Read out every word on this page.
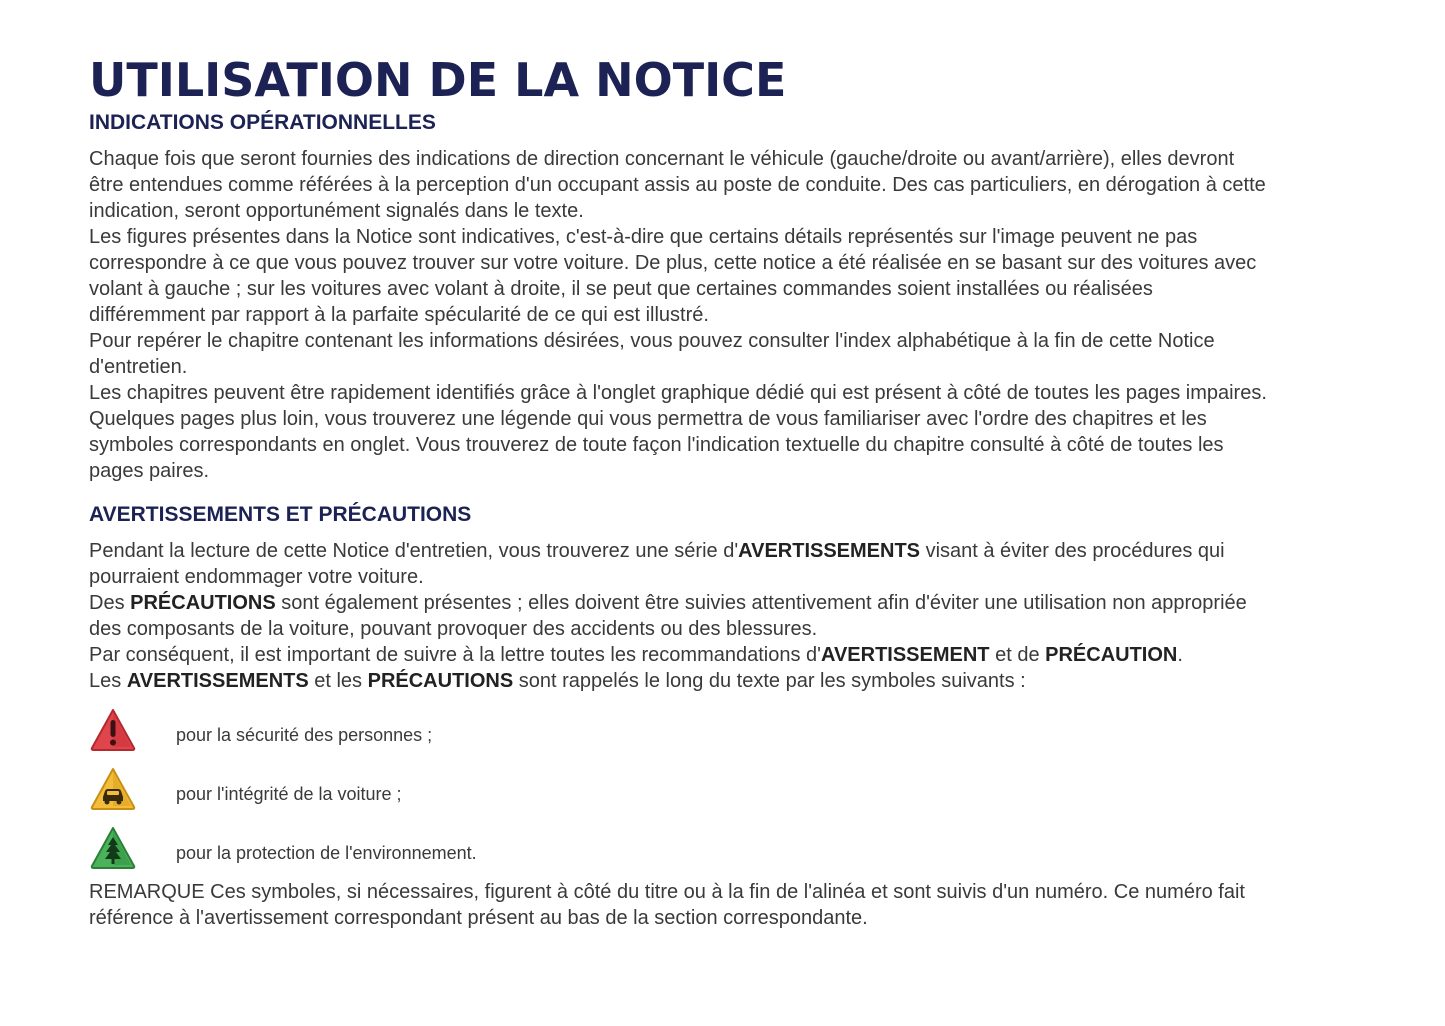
UTILISATION DE LA NOTICE
INDICATIONS OPÉRATIONNELLES

Chaque fois que seront fournies des indications de direction concernant le véhicule (gauche/droite ou avant/arrière), elles devront être entendues comme référées à la perception d'un occupant assis au poste de conduite. Des cas particuliers, en dérogation à cette indication, seront opportunément signalés dans le texte.

Les figures présentes dans la Notice sont indicatives, c'est-à-dire que certains détails représentés sur l'image peuvent ne pas correspondre à ce que vous pouvez trouver sur votre voiture. De plus, cette notice a été réalisée en se basant sur des voitures avec volant à gauche ; sur les voitures avec volant à droite, il se peut que certaines commandes soient installées ou réalisées différemment par rapport à la parfaite spécularité de ce qui est illustré.

Pour repérer le chapitre contenant les informations désirées, vous pouvez consulter l'index alphabétique à la fin de cette Notice d'entretien.

Les chapitres peuvent être rapidement identifiés grâce à l'onglet graphique dédié qui est présent à côté de toutes les pages impaires. Quelques pages plus loin, vous trouverez une légende qui vous permettra de vous familiariser avec l'ordre des chapitres et les symboles correspondants en onglet. Vous trouverez de toute façon l'indication textuelle du chapitre consulté à côté de toutes les pages paires.

AVERTISSEMENTS ET PRÉCAUTIONS

Pendant la lecture de cette Notice d'entretien, vous trouverez une série d'AVERTISSEMENTS visant à éviter des procédures qui pourraient endommager votre voiture.

Des PRÉCAUTIONS sont également présentes ; elles doivent être suivies attentivement afin d'éviter une utilisation non appropriée des composants de la voiture, pouvant provoquer des accidents ou des blessures.

Par conséquent, il est important de suivre à la lettre toutes les recommandations d'AVERTISSEMENT et de PRÉCAUTION.

Les AVERTISSEMENTS et les PRÉCAUTIONS sont rappelés le long du texte par les symboles suivants :

pour la sécurité des personnes ;
pour l'intégrité de la voiture ;
pour la protection de l'environnement.

REMARQUE Ces symboles, si nécessaires, figurent à côté du titre ou à la fin de l'alinéa et sont suivis d'un numéro. Ce numéro fait référence à l'avertissement correspondant présent au bas de la section correspondante.
